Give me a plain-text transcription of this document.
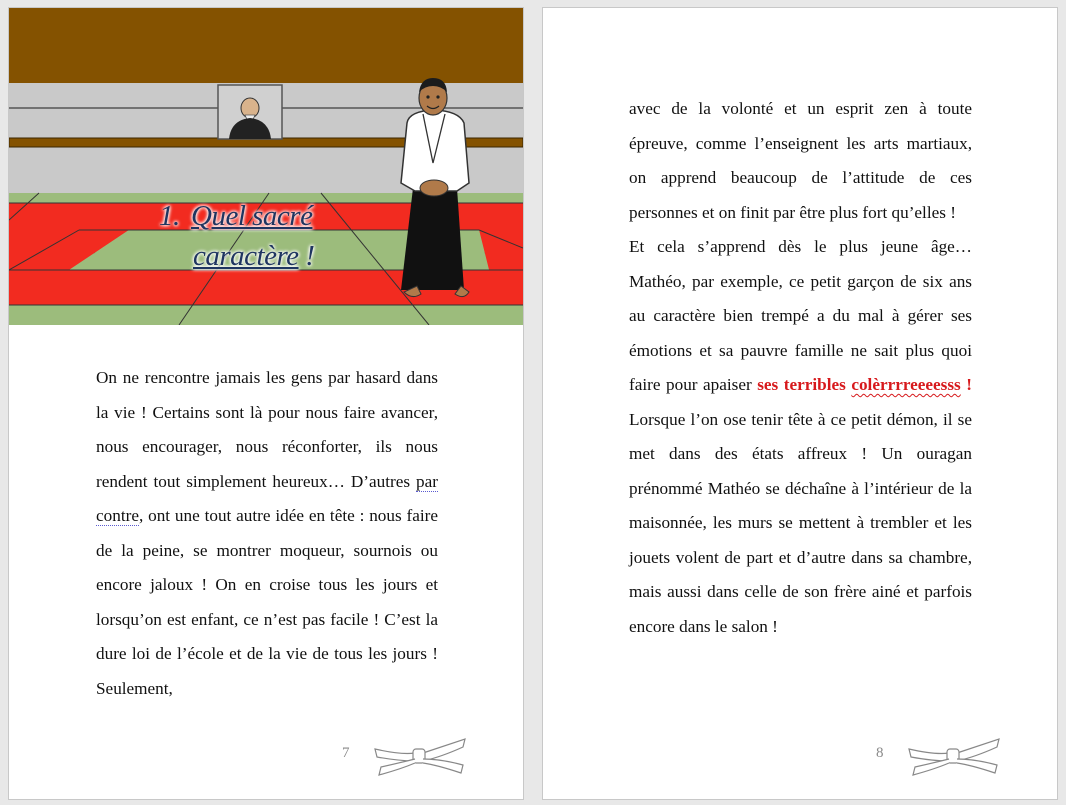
1. Quel sacré
caractère !

On ne rencontre jamais les gens par hasard dans la vie ! Certains sont là pour nous faire avancer, nous encourager, nous réconforter, ils nous rendent tout simplement heureux… D’autres par contre, ont une tout autre idée en tête : nous faire de la peine, se montrer moqueur, sournois ou encore jaloux ! On en croise tous les jours et lorsqu’on est enfant, ce n’est pas facile ! C’est la dure loi de l’école et de la vie de tous les jours ! Seulement,

7

avec de la volonté et un esprit zen à toute épreuve, comme l’enseignent les arts martiaux, on apprend beaucoup de l’attitude de ces personnes et on finit par être plus fort qu’elles !

Et cela s’apprend dès le plus jeune âge… Mathéo, par exemple, ce petit garçon de six ans au caractère bien trempé a du mal à gérer ses émotions et sa pauvre famille ne sait plus quoi faire pour apaiser ses terribles colèrrrreeeesss ! Lorsque l’on ose tenir tête à ce petit démon, il se met dans des états affreux ! Un ouragan prénommé Mathéo se déchaîne à l’intérieur de la maisonnée, les murs se mettent à trembler et les jouets volent de part et d’autre dans sa chambre, mais aussi dans celle de son frère ainé et parfois encore dans le salon !

8
